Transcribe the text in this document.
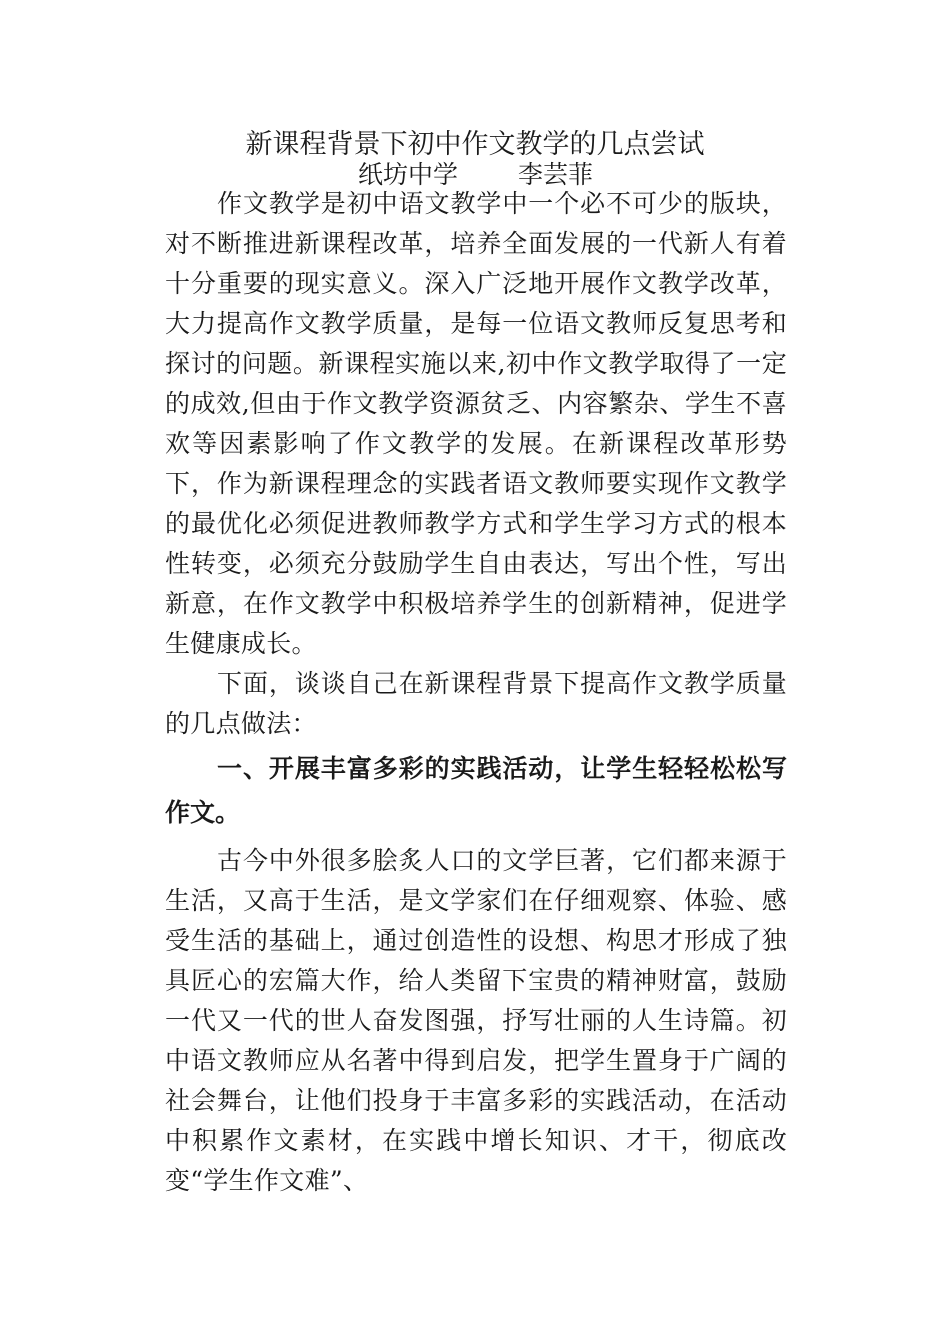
新课程背景下初中作文教学的几点尝试
纸坊中学 李芸菲

作文教学是初中语文教学中一个必不可少的版块，对不断推进新课程改革，培养全面发展的一代新人有着十分重要的现实意义。深入广泛地开展作文教学改革，大力提高作文教学质量，是每一位语文教师反复思考和探讨的问题。新课程实施以来,初中作文教学取得了一定的成效,但由于作文教学资源贫乏、内容繁杂、学生不喜欢等因素影响了作文教学的发展。在新课程改革形势下，作为新课程理念的实践者语文教师要实现作文教学的最优化必须促进教师教学方式和学生学习方式的根本性转变，必须充分鼓励学生自由表达，写出个性，写出新意，在作文教学中积极培养学生的创新精神，促进学生健康成长。

下面，谈谈自己在新课程背景下提高作文教学质量的几点做法：

一、开展丰富多彩的实践活动，让学生轻轻松松写作文。

古今中外很多脍炙人口的文学巨著，它们都来源于生活，又高于生活，是文学家们在仔细观察、体验、感受生活的基础上，通过创造性的设想、构思才形成了独具匠心的宏篇大作，给人类留下宝贵的精神财富，鼓励一代又一代的世人奋发图强，抒写壮丽的人生诗篇。初中语文教师应从名著中得到启发，把学生置身于广阔的社会舞台，让他们投身于丰富多彩的实践活动，在活动中积累作文素材，在实践中增长知识、才干，彻底改变“学生作文难”、
